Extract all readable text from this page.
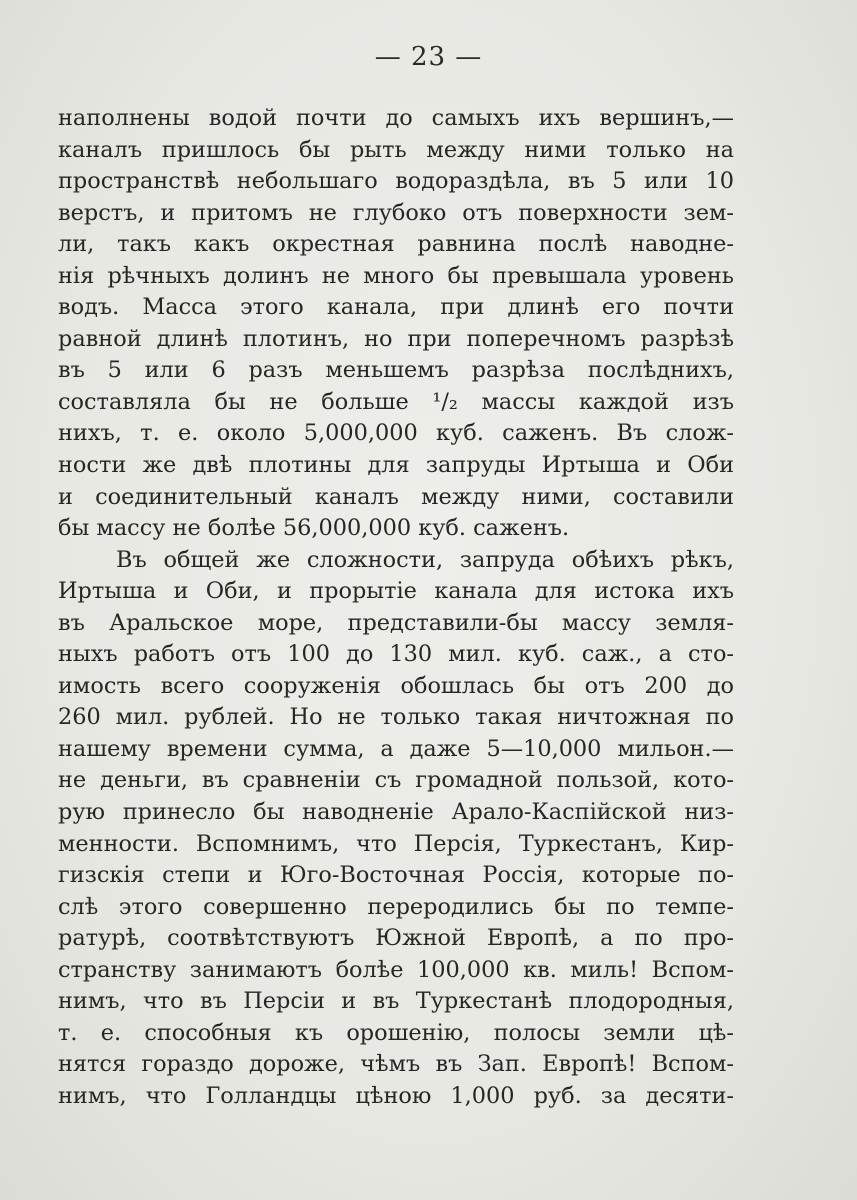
— 23 —
наполнены водой почти до самыхъ ихъ вершинъ,—
каналъ пришлось бы рыть между ними только на
пространствѣ небольшаго водораздѣла, въ 5 или 10
верстъ, и притомъ не глубоко отъ поверхности зем-
ли, такъ какъ окрестная равнина послѣ наводне-
нія рѣчныхъ долинъ не много бы превышала уровень
водъ. Масса этого канала, при длинѣ его почти
равной длинѣ плотинъ, но при поперечномъ разрѣзѣ
въ 5 или 6 разъ меньшемъ разрѣза послѣднихъ,
составляла бы не больше ¹/₂ массы каждой изъ
нихъ, т. е. около 5,000,000 куб. саженъ. Въ слож-
ности же двѣ плотины для запруды Иртыша и Оби
и соединительный каналъ между ними, составили
бы массу не болѣе 56,000,000 куб. саженъ.
Въ общей же сложности, запруда обѣихъ рѣкъ,
Иртыша и Оби, и прорытіе канала для истока ихъ
въ Аральское море, представили-бы массу земля-
ныхъ работъ отъ 100 до 130 мил. куб. саж., а сто-
имость всего сооруженія обошлась бы отъ 200 до
260 мил. рублей. Но не только такая ничтожная по
нашему времени сумма, а даже 5—10,000 мильон.—
не деньги, въ сравненіи съ громадной пользой, кото-
рую принесло бы наводненіе Арало-Каспійской низ-
менности. Вспомнимъ, что Персія, Туркестанъ, Кир-
гизскія степи и Юго-Восточная Россія, которые по-
слѣ этого совершенно переродились бы по темпе-
ратурѣ, соотвѣтствуютъ Южной Европѣ, а по про-
странству занимаютъ болѣе 100,000 кв. миль! Вспом-
нимъ, что въ Персіи и въ Туркестанѣ плодородныя,
т. е. способныя къ орошенію, полосы земли цѣ-
нятся гораздо дороже, чѣмъ въ Зап. Европѣ! Вспом-
нимъ, что Голландцы цѣною 1,000 руб. за десяти-
